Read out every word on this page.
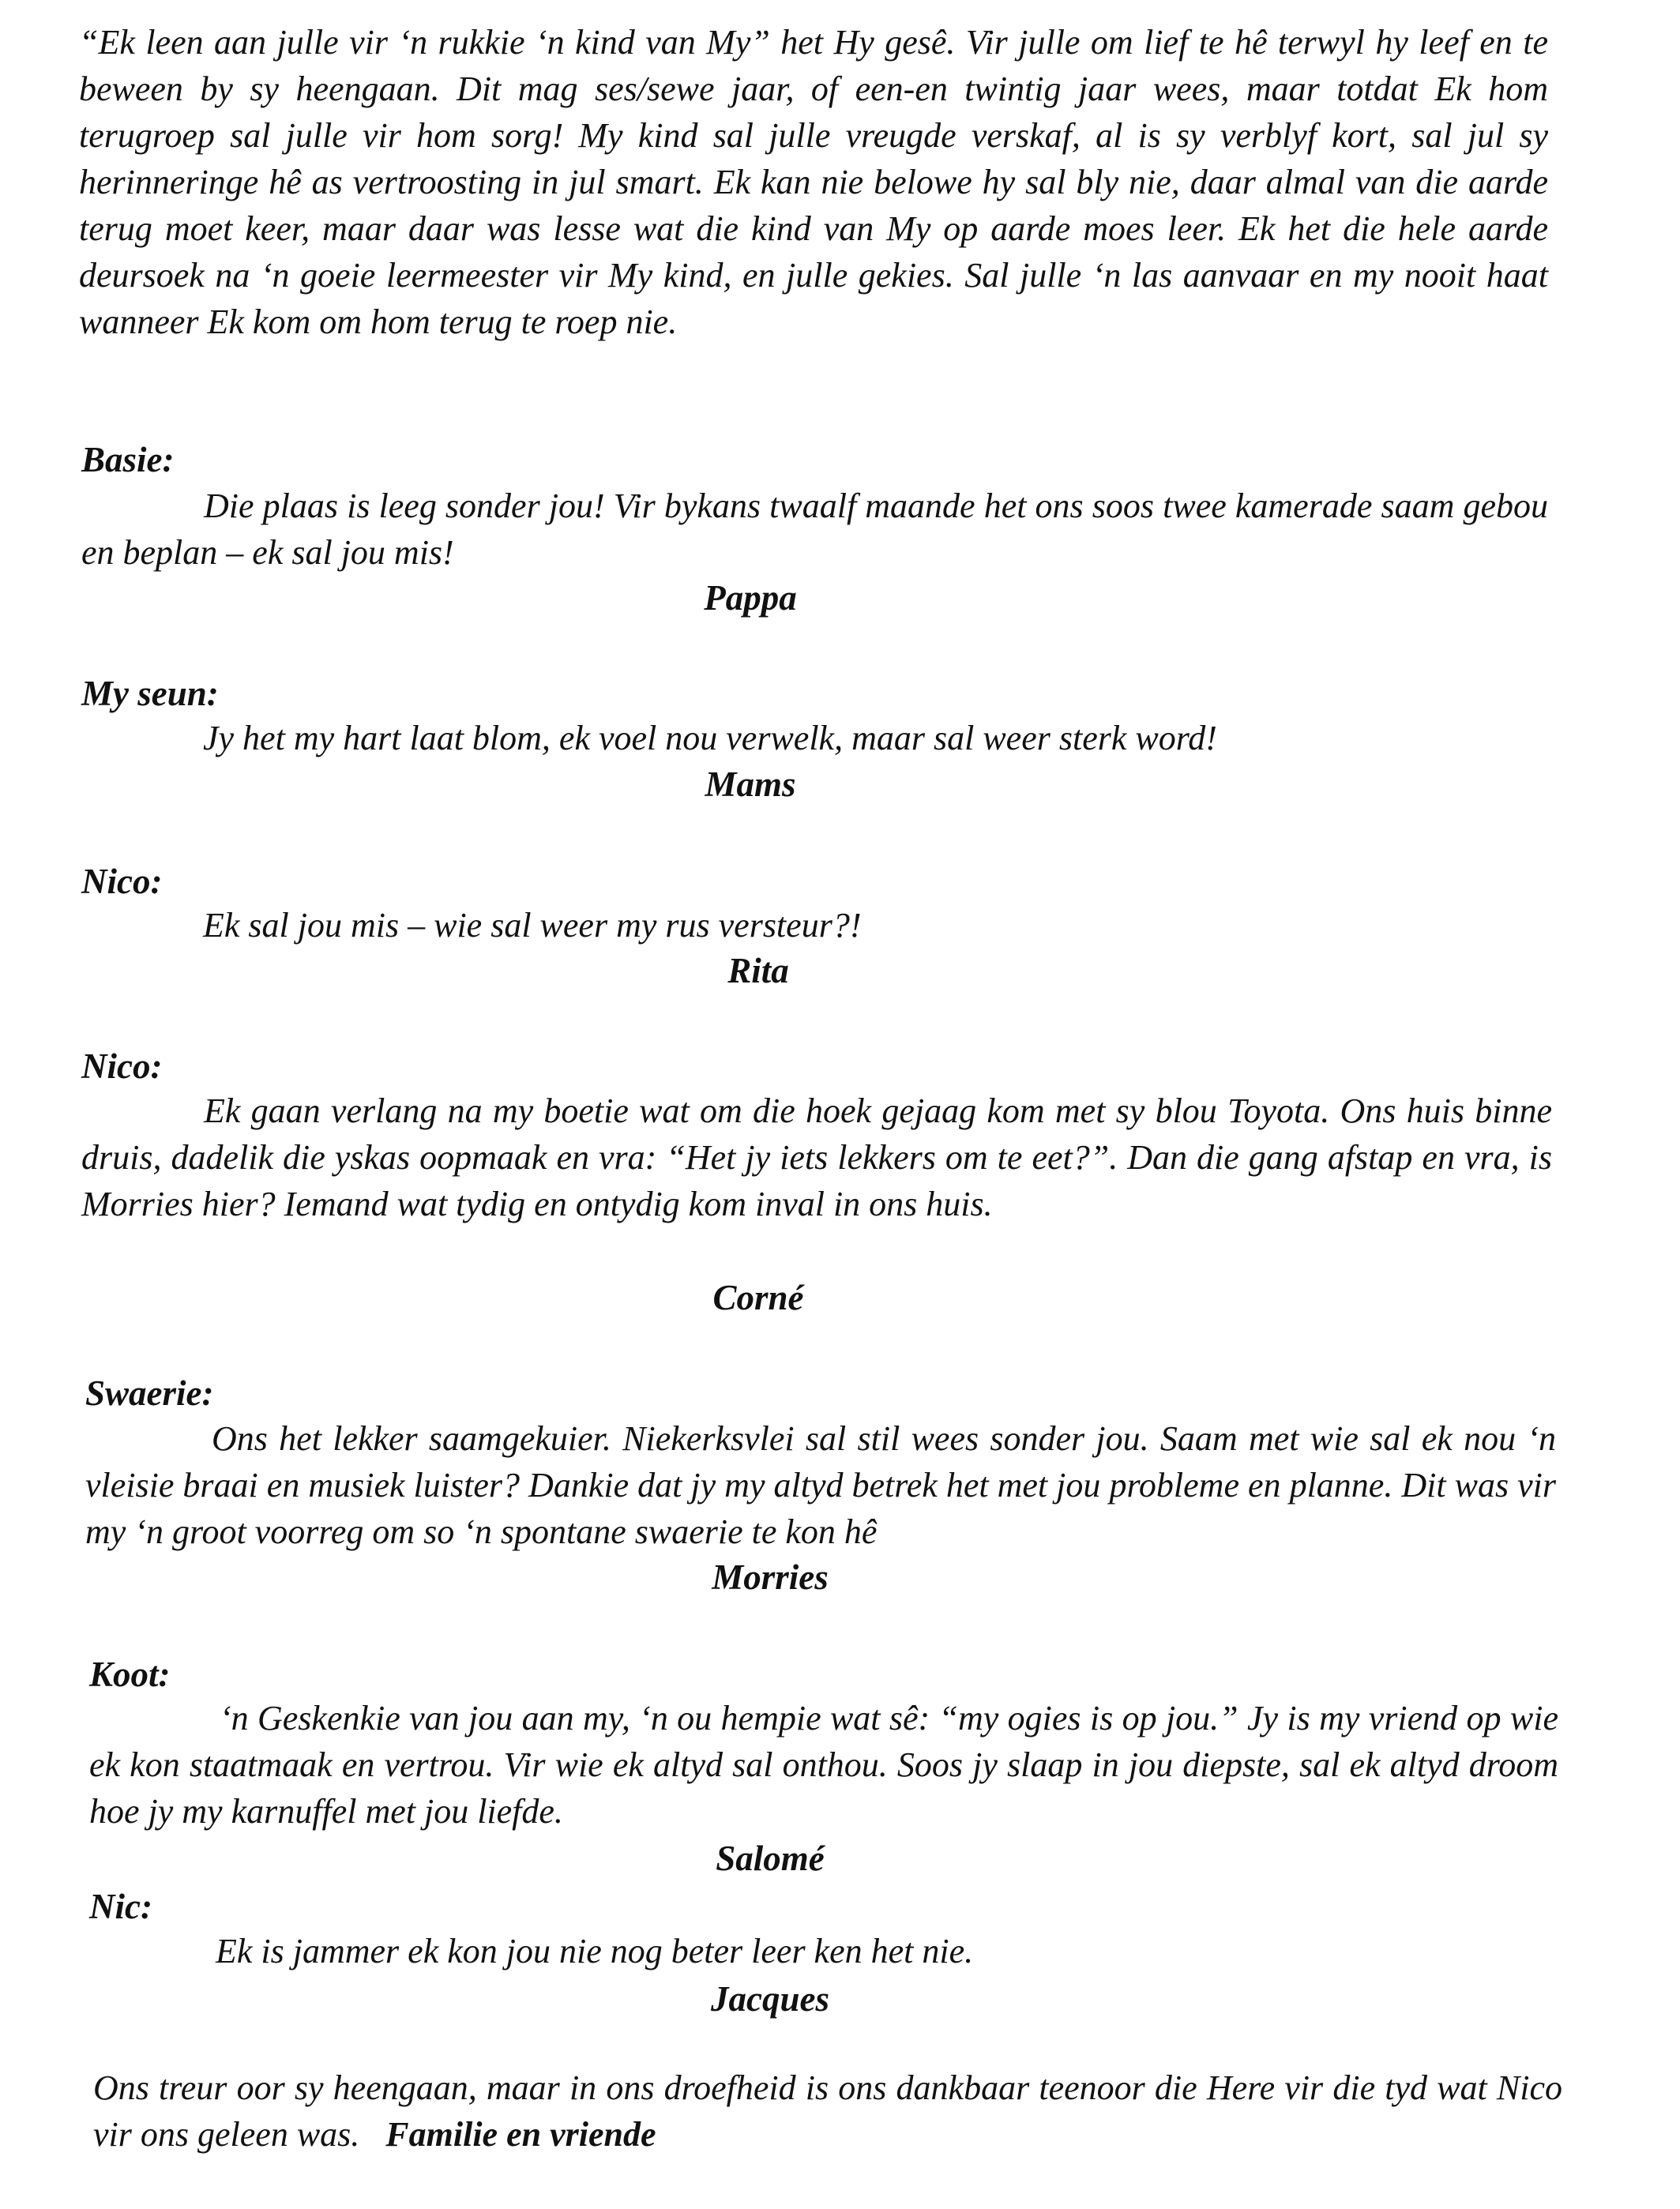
“Ek leen aan julle vir ‘n rukkie ‘n kind van My” het Hy gesê. Vir julle om lief te hê terwyl hy leef en te beween by sy heengaan. Dit mag ses/sewe jaar, of een-en twintig jaar wees, maar totdat Ek hom terugroep sal julle vir hom sorg! My kind sal julle vreugde verskaf, al is sy verblyf kort, sal jul sy herinneringe hê as vertroosting in jul smart. Ek kan nie belowe hy sal bly nie, daar almal van die aarde terug moet keer, maar daar was lesse wat die kind van My op aarde moes leer. Ek het die hele aarde deursoek na ‘n goeie leermeester vir My kind, en julle gekies. Sal julle ‘n las aanvaar en my nooit haat wanneer Ek kom om hom terug te roep nie.

Basie:

Die plaas is leeg sonder jou! Vir bykans twaalf maande het ons soos twee kamerade saam gebou en beplan – ek sal jou mis!

Pappa

My seun:

Jy het my hart laat blom, ek voel nou verwelk, maar sal weer sterk word!

Mams

Nico:

Ek sal jou mis – wie sal weer my rus versteur?!

Rita

Nico:

Ek gaan verlang na my boetie wat om die hoek gejaag kom met sy blou Toyota. Ons huis binne druis, dadelik die yskas oopmaak en vra: “Het jy iets lekkers om te eet?”. Dan die gang afstap en vra, is Morries hier? Iemand wat tydig en ontydig kom inval in ons huis.

Corné

Swaerie:

Ons het lekker saamgekuier. Niekerksvlei sal stil wees sonder jou. Saam met wie sal ek nou ‘n vleisie braai en musiek luister? Dankie dat jy my altyd betrek het met jou probleme en planne. Dit was vir my ‘n groot voorreg om so ‘n spontane swaerie te kon hê

Morries

Koot:

‘n Geskenkie van jou aan my, ‘n ou hempie wat sê: “my ogies is op jou.” Jy is my vriend op wie ek kon staatmaak en vertrou. Vir wie ek altyd sal onthou. Soos jy slaap in jou diepste, sal ek altyd droom hoe jy my karnuffel met jou liefde.

Salomé

Nic:

Ek is jammer ek kon jou nie nog beter leer ken het nie.

Jacques

Ons treur oor sy heengaan, maar in ons droefheid is ons dankbaar teenoor die Here vir die tyd wat Nico vir ons geleen was. Familie en vriende
